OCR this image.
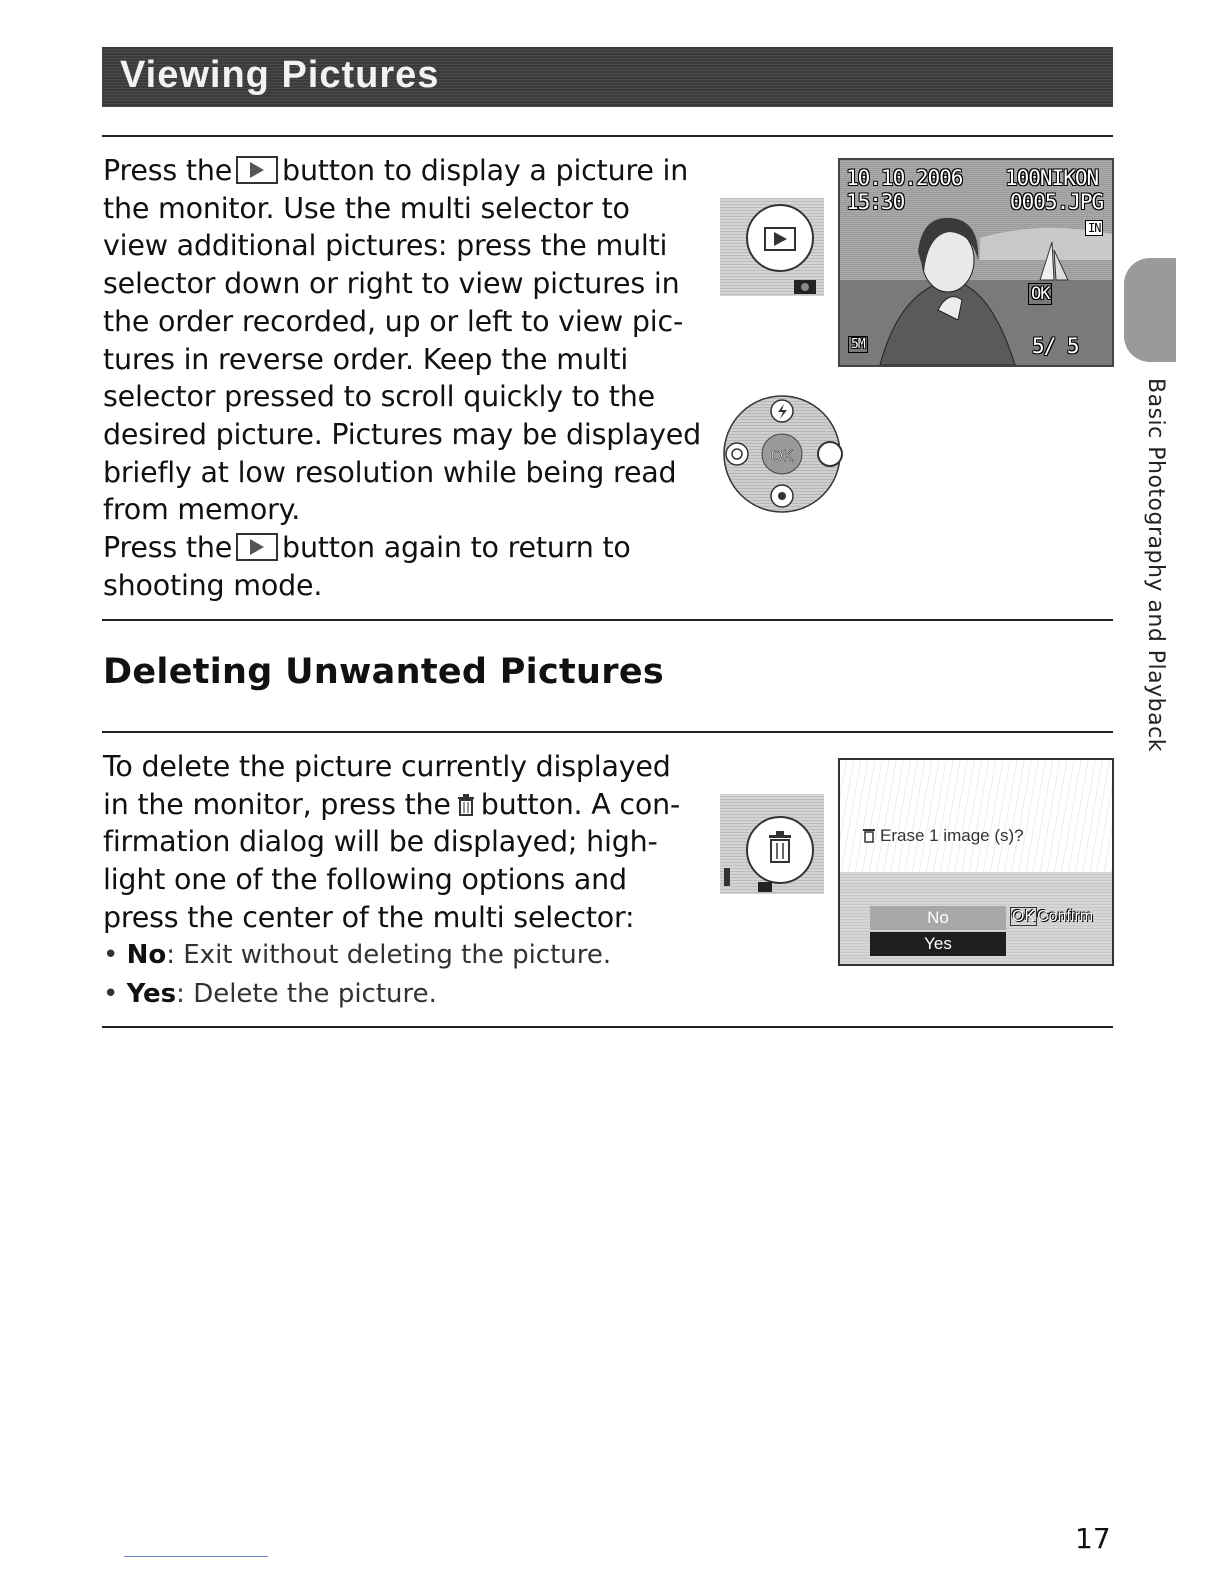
Viewing Pictures

Press the button to display a picture in

the monitor. Use the multi selector to

view additional pictures: press the multi

selector down or right to view pictures in

the order recorded, up or left to view pic-

tures in reverse order. Keep the multi

selector pressed to scroll quickly to the

desired picture. Pictures may be displayed

briefly at low resolution while being read

from memory.

Press the button again to return to

shooting mode.

10.10.2006
15:30
100NIKON
0005.JPG
IN
OK
5M	5/ 5
OK
Deleting Unwanted Pictures

To delete the picture currently displayed

in the monitor, press the button. A con-

firmation dialog will be displayed; high-

light one of the following options and

press the center of the multi selector:

• No: Exit without deleting the picture.
• Yes: Delete the picture.
Erase 1 image (s)?
No
Yes
OK Confirm
Basic Photography and Playback
17
